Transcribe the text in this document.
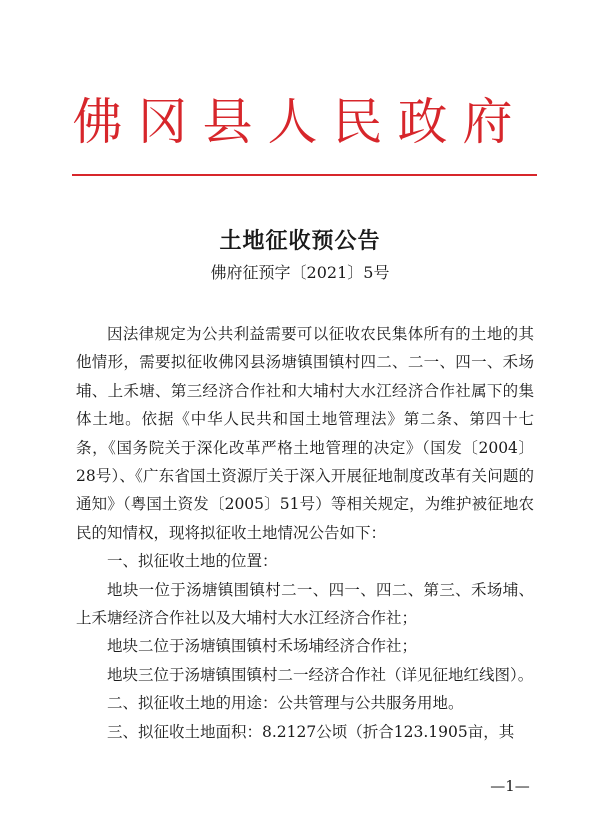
佛冈县人民政府
土地征收预公告
佛府征预字〔2021〕5号

因法律规定为公共利益需要可以征收农民集体所有的土地的其他情形，需要拟征收佛冈县汤塘镇围镇村四二、二一、四一、禾场埔、上禾塘、第三经济合作社和大埔村大水江经济合作社属下的集体土地。依据《中华人民共和国土地管理法》第二条、第四十七条，《国务院关于深化改革严格土地管理的决定》（国发〔2004〕28号）、《广东省国土资源厅关于深入开展征地制度改革有关问题的通知》（粤国土资发〔2005〕51号）等相关规定，为维护被征地农民的知情权，现将拟征收土地情况公告如下：

一、拟征收土地的位置：

地块一位于汤塘镇围镇村二一、四一、四二、第三、禾场埔、上禾塘经济合作社以及大埔村大水江经济合作社；

地块二位于汤塘镇围镇村禾场埔经济合作社；

地块三位于汤塘镇围镇村二一经济合作社（详见征地红线图）。

二、拟征收土地的用途：公共管理与公共服务用地。

三、拟征收土地面积：8.2127公顷（折合123.1905亩，其

—1—
